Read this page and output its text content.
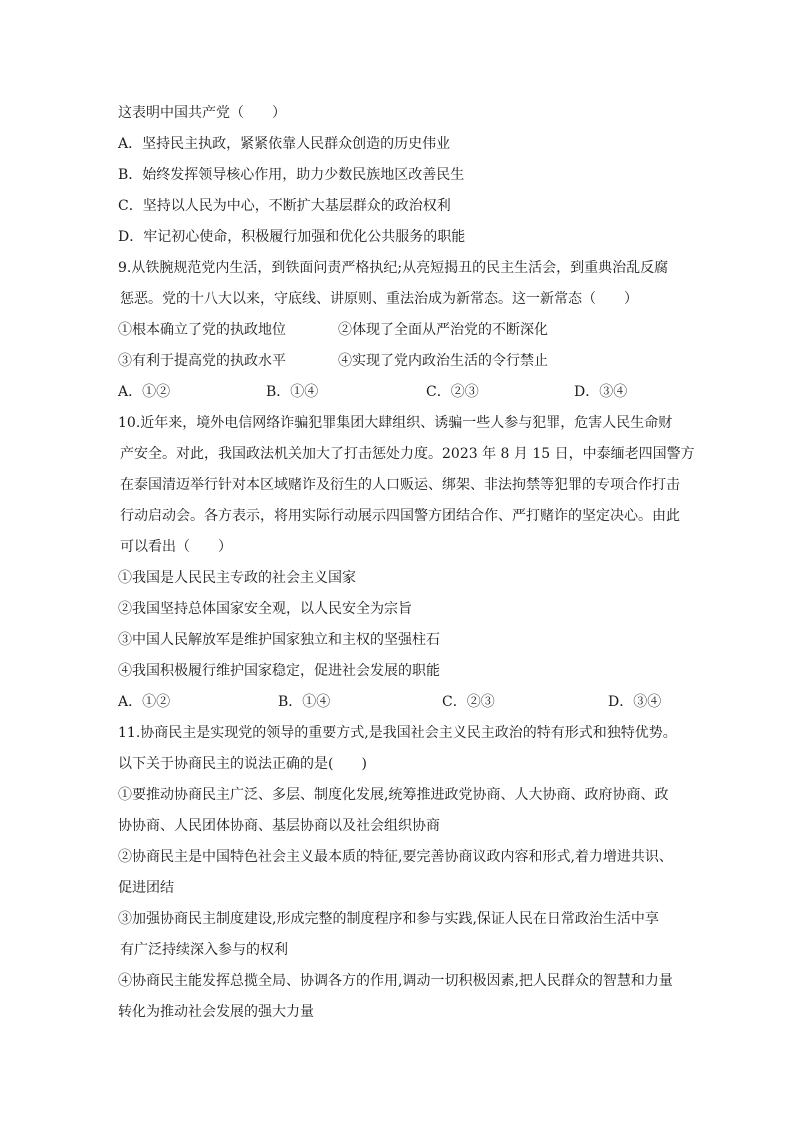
这表明中国共产党（　　）
A．坚持民主执政，紧紧依靠人民群众创造的历史伟业
B．始终发挥领导核心作用，助力少数民族地区改善民生
C．坚持以人民为中心，不断扩大基层群众的政治权利
D．牢记初心使命，积极履行加强和优化公共服务的职能
9.从铁腕规范党内生活，到铁面问责严格执纪;从亮短揭丑的民主生活会，到重典治乱反腐
惩恶。党的十八大以来，守底线、讲原则、重法治成为新常态。这一新常态（　　）
①根本确立了党的执政地位	②体现了全面从严治党的不断深化
③有利于提高党的执政水平	④实现了党内政治生活的令行禁止
A．①②	B．①④	C．②③	D．③④
10.近年来，境外电信网络诈骗犯罪集团大肆组织、诱骗一些人参与犯罪，危害人民生命财
产安全。对此，我国政法机关加大了打击惩处力度。2023 年 8 月 15 日，中泰缅老四国警方
在泰国清迈举行针对本区域赌诈及衍生的人口贩运、绑架、非法拘禁等犯罪的专项合作打击
行动启动会。各方表示，将用实际行动展示四国警方团结合作、严打赌诈的坚定决心。由此
可以看出（　　）
①我国是人民民主专政的社会主义国家
②我国坚持总体国家安全观，以人民安全为宗旨
③中国人民解放军是维护国家独立和主权的坚强柱石
④我国积极履行维护国家稳定，促进社会发展的职能
A．①②	B．①④	C．②③	D．③④
11.协商民主是实现党的领导的重要方式,是我国社会主义民主政治的特有形式和独特优势。
以下关于协商民主的说法正确的是(　　)
①要推动协商民主广泛、多层、制度化发展,统筹推进政党协商、人大协商、政府协商、政
协协商、人民团体协商、基层协商以及社会组织协商
②协商民主是中国特色社会主义最本质的特征,要完善协商议政内容和形式,着力增进共识、
促进团结
③加强协商民主制度建设,形成完整的制度程序和参与实践,保证人民在日常政治生活中享
有广泛持续深入参与的权利
④协商民主能发挥总揽全局、协调各方的作用,调动一切积极因素,把人民群众的智慧和力量
转化为推动社会发展的强大力量
